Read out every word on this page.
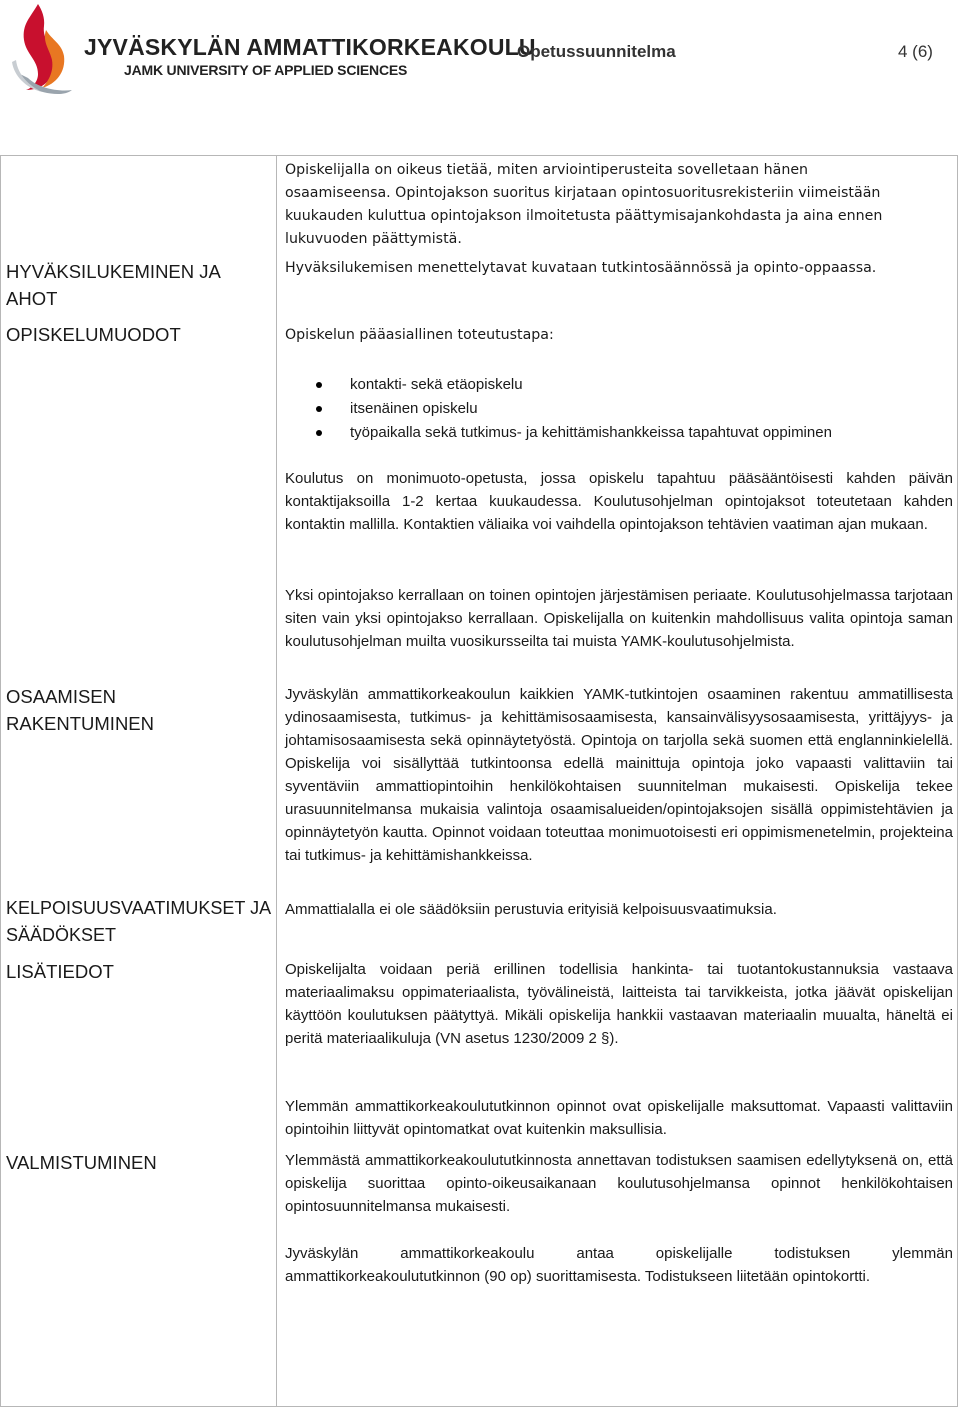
JYVÄSKYLÄN AMMATTIKORKEAKOULU
JAMK UNIVERSITY OF APPLIED SCIENCES
Opetussuunnitelma	4 (6)
HYVÄKSILUKEMINEN JA AHOT
OPISKELUMUODOT
OSAAMISEN RAKENTUMINEN
KELPOISUUSVAATIMUKSET JA SÄÄDÖKSET
LISÄTIEDOT
VALMISTUMINEN
Opiskelijalla on oikeus tietää, miten arviointiperusteita sovelletaan hänen
osaamiseensa. Opintojakson suoritus kirjataan opintosuoritusrekisteriin viimeistään
kuukauden kuluttua opintojakson ilmoitetusta päättymisajankohdasta ja aina ennen
lukuvuoden päättymistä.
Hyväksilukemisen menettelytavat kuvataan tutkintosäännössä ja opinto-oppaassa.
Opiskelun pääasiallinen toteutustapa:
kontakti- sekä etäopiskelu
itsenäinen opiskelu
työpaikalla sekä tutkimus- ja kehittämishankkeissa tapahtuvat oppiminen
Koulutus on monimuoto-opetusta, jossa opiskelu tapahtuu pääsääntöisesti kahden päivän kontaktijaksoilla 1-2 kertaa kuukaudessa. Koulutusohjelman opintojaksot toteutetaan kahden kontaktin mallilla. Kontaktien väliaika voi vaihdella opintojakson tehtävien vaatiman ajan mukaan.
Yksi opintojakso kerrallaan on toinen opintojen järjestämisen periaate. Koulutusohjelmassa tarjotaan siten vain yksi opintojakso kerrallaan. Opiskelijalla on kuitenkin mahdollisuus valita opintoja saman koulutusohjelman muilta vuosikursseilta tai muista YAMK-koulutusohjelmista.
Jyväskylän ammattikorkeakoulun kaikkien YAMK-tutkintojen osaaminen rakentuu ammatillisesta ydinosaamisesta, tutkimus- ja kehittämisosaamisesta, kansainvälisyysosaamisesta, yrittäjyys- ja johtamisosaamisesta sekä opinnäytetyöstä. Opintoja on tarjolla sekä suomen että englanninkielellä. Opiskelija voi sisällyttää tutkintoonsa edellä mainittuja opintoja joko vapaasti valittaviin tai syventäviin ammattiopintoihin henkilökohtaisen suunnitelman mukaisesti. Opiskelija tekee urasuunnitelmansa mukaisia valintoja osaamisalueiden/opintojaksojen sisällä oppimistehtävien ja opinnäytetyön kautta. Opinnot voidaan toteuttaa monimuotoisesti eri oppimismenetelmin, projekteina tai tutkimus- ja kehittämishankkeissa.
Ammattialalla ei ole säädöksiin perustuvia erityisiä kelpoisuusvaatimuksia.
Opiskelijalta voidaan periä erillinen todellisia hankinta- tai tuotantokustannuksia vastaava materiaalimaksu oppimateriaalista, työvälineistä, laitteista tai tarvikkeista, jotka jäävät opiskelijan käyttöön koulutuksen päätyttyä. Mikäli opiskelija hankkii vastaavan materiaalin muualta, häneltä ei peritä materiaalikuluja (VN asetus 1230/2009 2 §).
Ylemmän ammattikorkeakoulututkinnon opinnot ovat opiskelijalle maksuttomat. Vapaasti valittaviin opintoihin liittyvät opintomatkat ovat kuitenkin maksullisia.
Ylemmästä ammattikorkeakoulututkinnosta annettavan todistuksen saamisen edellytyksenä on, että opiskelija suorittaa opinto-oikeusaikanaan koulutusohjelmansa opinnot henkilökohtaisen opintosuunnitelmansa mukaisesti.
Jyväskylän ammattikorkeakoulu antaa opiskelijalle todistuksen ylemmän ammattikorkeakoulututkinnon (90 op) suorittamisesta. Todistukseen liitetään opintokortti.
